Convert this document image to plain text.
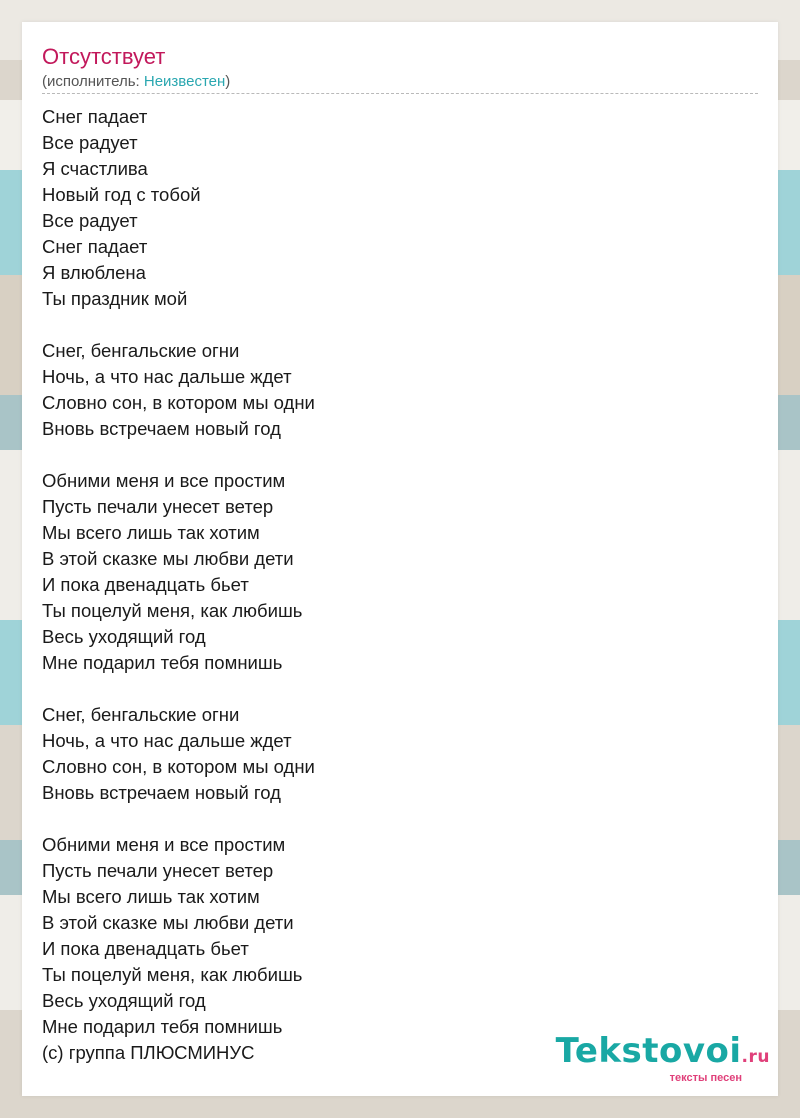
Отсутствует
(исполнитель: Неизвестен)
Снег падает
Все радует
Я счастлива
Новый год с тобой
Все радует
Снег падает
Я влюблена
Ты праздник мой
Снег, бенгальские огни
Ночь, а что нас дальше ждет
Словно сон, в котором мы одни
Вновь встречаем новый год
Обними меня и все простим
Пусть печали унесет ветер
Мы всего лишь так хотим
В этой сказке мы любви дети
И пока двенадцать бьет
Ты поцелуй меня, как любишь
Весь уходящий год
Мне подарил тебя помнишь
Снег, бенгальские огни
Ночь, а что нас дальше ждет
Словно сон, в котором мы одни
Вновь встречаем новый год
Обними меня и все простим
Пусть печали унесет ветер
Мы всего лишь так хотим
В этой сказке мы любви дети
И пока двенадцать бьет
Ты поцелуй меня, как любишь
Весь уходящий год
Мне подарил тебя помнишь
(c) группа ПЛЮСМИНУС	Tekstovoi.ru
тексты песен
